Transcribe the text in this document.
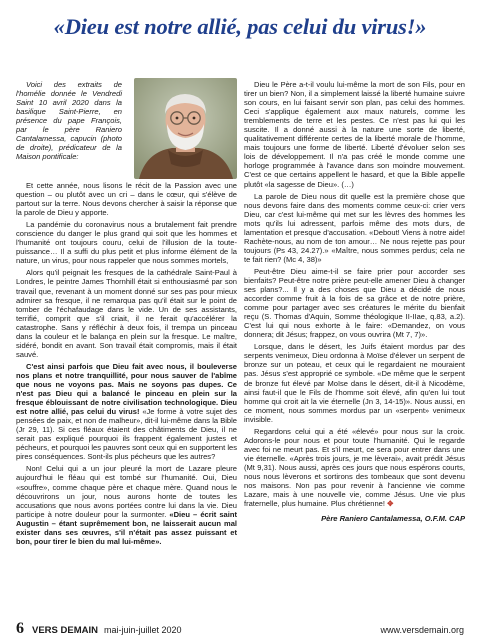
«Dieu est notre allié, pas celui du virus!»

Voici des extraits de l'homélie donnée le Vendredi Saint 10 avril 2020 dans la basilique Saint-Pierre, en présence du pape François, par le père Raniero Cantalamessa, capucin (photo de droite), prédicateur de la Maison pontificale:

Et cette année, nous lisons le récit de la Passion avec une question – ou plutôt avec un cri – dans le cœur, qui s'élève de partout sur la terre. Nous devons chercher à saisir la réponse que la parole de Dieu y apporte.

La pandémie du coronavirus nous a brutalement fait prendre conscience du danger le plus grand qui soit que les hommes et l'humanité ont toujours couru, celui de l'illusion de la toute-puissance… Il a suffi du plus petit et plus informe élément de la nature, un virus, pour nous rappeler que nous sommes mortels,

Alors qu'il peignait les fresques de la cathédrale Saint-Paul à Londres, le peintre James Thornhill était si enthousiasmé par son travail que, revenant à un moment donné sur ses pas pour mieux admirer sa fresque, il ne remarqua pas qu'il était sur le point de tomber de l'échafaudage dans le vide. Un de ses assistants, terrifié, comprit que s'il criait, il ne ferait qu'accélérer la catastrophe. Sans y réfléchir à deux fois, il trempa un pinceau dans la couleur et le balança en plein sur la fresque. Le maître, sidéré, bondit en avant. Son travail était compromis, mais il était sauvé.

C'est ainsi parfois que Dieu fait avec nous, il bouleverse nos plans et notre tranquillité, pour nous sauver de l'abîme que nous ne voyons pas. Mais ne soyons pas dupes. Ce n'est pas Dieu qui a balancé le pinceau en plein sur la fresque éblouissant de notre civilisation technologique. Dieu est notre allié, pas celui du virus! «Je forme à votre sujet des pensées de paix, et non de malheur», dit-il lui-même dans la Bible (Jr 29, 11). Si ces fléaux étaient des châtiments de Dieu, il ne serait pas expliqué pourquoi ils frappent également justes et pécheurs, et pourquoi les pauvres sont ceux qui en supportent les pires conséquences. Sont-ils plus pécheurs que les autres?

Non! Celui qui a un jour pleuré la mort de Lazare pleure aujourd'hui le fléau qui est tombé sur l'humanité. Oui, Dieu «souffre», comme chaque père et chaque mère. Quand nous le découvrirons un jour, nous aurons honte de toutes les accusations que nous avons portées contre lui dans la vie. Dieu participe à notre douleur pour la surmonter. «Dieu – écrit saint Augustin – étant suprêmement bon, ne laisserait aucun mal exister dans ses œuvres, s'il n'était pas assez puissant et bon, pour tirer le bien du mal lui-même».

Dieu le Père a-t-il voulu lui-même la mort de son Fils, pour en tirer un bien? Non, il a simplement laissé la liberté humaine suivre son cours, en lui faisant servir son plan, pas celui des hommes. Ceci s'applique également aux maux naturels, comme les tremblements de terre et les pestes. Ce n'est pas lui qui les suscite. Il a donné aussi à la nature une sorte de liberté, qualitativement différente certes de la liberté morale de l'homme, mais toujours une forme de liberté. Liberté d'évoluer selon ses lois de développement. Il n'a pas créé le monde comme une horloge programmée à l'avance dans son moindre mouvement. C'est ce que certains appellent le hasard, et que la Bible appelle plutôt «la sagesse de Dieu». (…)

La parole de Dieu nous dit quelle est la première chose que nous devons faire dans des moments comme ceux-ci: crier vers Dieu, car c'est lui-même qui met sur les lèvres des hommes les mots qu'ils lui adressent, parfois même des mots durs, de lamentation et presque d'accusation. «Debout! Viens à notre aide! Rachète-nous, au nom de ton amour… Ne nous rejette pas pour toujours (Ps 43, 24.27).» «Maître, nous sommes perdus; cela ne te fait rien? (Mc 4, 38)»

Peut-être Dieu aime-t-il se faire prier pour accorder ses bienfaits? Peut-être notre prière peut-elle amener Dieu à changer ses plans?... Il y a des choses que Dieu a décidé de nous accorder comme fruit à la fois de sa grâce et de notre prière, comme pour partager avec ses créatures le mérite du bienfait reçu (S. Thomas d'Aquin, Somme théologique II-IIae, q.83, a.2). C'est lui qui nous exhorte à le faire: «Demandez, on vous donnera; dit Jésus; frappez, on vous ouvrira (Mt 7, 7)».

Lorsque, dans le désert, les Juifs étaient mordus par des serpents venimeux, Dieu ordonna à Moïse d'élever un serpent de bronze sur un poteau, et ceux qui le regardaient ne mouraient pas. Jésus s'est approprié ce symbole. «De même que le serpent de bronze fut élevé par Moïse dans le désert, dit-il à Nicodème, ainsi faut-il que le Fils de l'homme soit élevé, afin qu'en lui tout homme qui croit ait la vie éternelle (Jn 3, 14-15)». Nous aussi, en ce moment, nous sommes mordus par un «serpent» venimeux invisible.

Regardons celui qui a été «élevé» pour nous sur la croix. Adorons-le pour nous et pour toute l'humanité. Qui le regarde avec foi ne meurt pas. Et s'il meurt, ce sera pour entrer dans une vie éternelle. «Après trois jours, je me lèverai», avait prédit Jésus (Mt 9,31). Nous aussi, après ces jours que nous espérons courts, nous nous lèverons et sortirons des tombeaux que sont devenu nos maisons. Non pas pour revenir à l'ancienne vie comme Lazare, mais à une nouvelle vie, comme Jésus. Une vie plus fraternelle, plus humaine. Plus chrétienne! ✥

Père Raniero Cantalamessa, O.F.M. CAP
6 VERS DEMAIN mai-juin-juillet 2020	www.versdemain.org
